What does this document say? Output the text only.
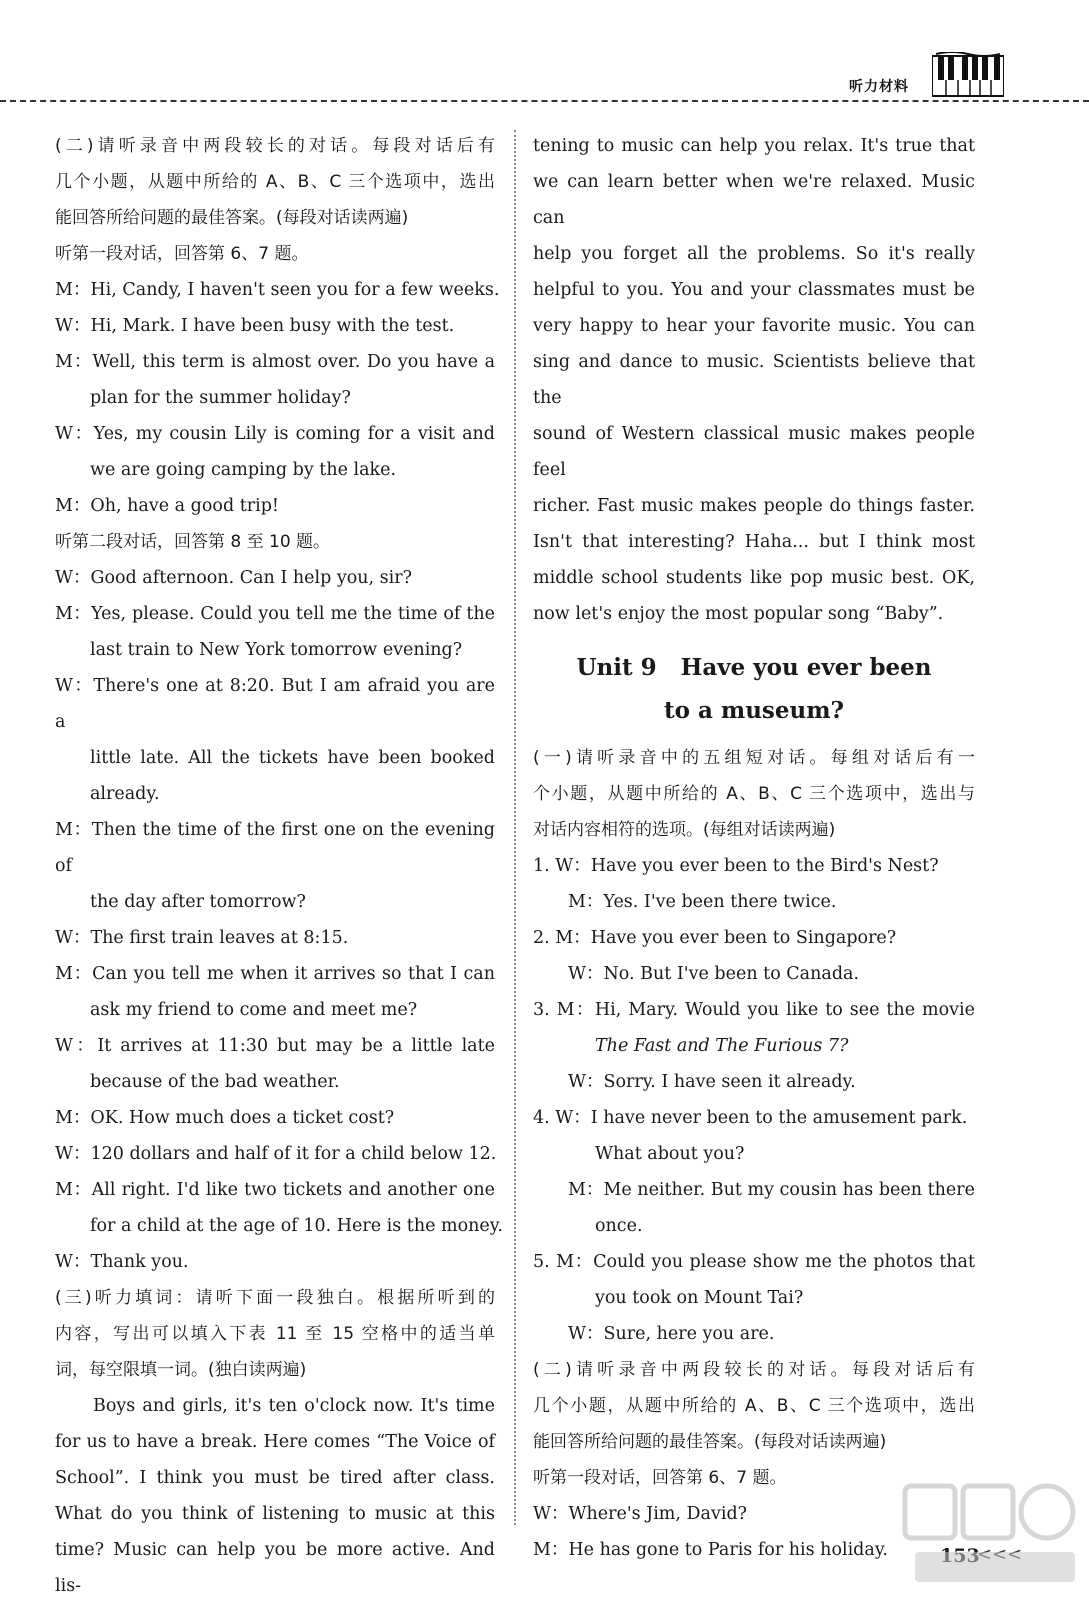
听力材料

(二)请听录音中两段较长的对话。每段对话后有

几个小题，从题中所给的 A、B、C 三个选项中，选出

能回答所给问题的最佳答案。(每段对话读两遍)

听第一段对话，回答第 6、7 题。

M：Hi, Candy, I haven't seen you for a few weeks.

W：Hi, Mark. I have been busy with the test.

M：Well, this term is almost over. Do you have a

plan for the summer holiday?

W：Yes, my cousin Lily is coming for a visit and

we are going camping by the lake.

M：Oh, have a good trip!

听第二段对话，回答第 8 至 10 题。

W：Good afternoon. Can I help you, sir?

M：Yes, please. Could you tell me the time of the

last train to New York tomorrow evening?

W：There's one at 8:20. But I am afraid you are a

little late. All the tickets have been booked

already.

M：Then the time of the first one on the evening of

the day after tomorrow?

W：The first train leaves at 8:15.

M：Can you tell me when it arrives so that I can

ask my friend to come and meet me?

W：It arrives at 11:30 but may be a little late

because of the bad weather.

M：OK. How much does a ticket cost?

W：120 dollars and half of it for a child below 12.

M：All right. I'd like two tickets and another one

for a child at the age of 10. Here is the money.

W：Thank you.

(三)听力填词：请听下面一段独白。根据所听到的

内容，写出可以填入下表 11 至 15 空格中的适当单

词，每空限填一词。(独白读两遍)

Boys and girls, it's ten o'clock now. It's time

for us to have a break. Here comes “The Voice of

School”. I think you must be tired after class.

What do you think of listening to music at this

time? Music can help you be more active. And lis-

tening to music can help you relax. It's true that

we can learn better when we're relaxed. Music can

help you forget all the problems. So it's really

helpful to you. You and your classmates must be

very happy to hear your favorite music. You can

sing and dance to music. Scientists believe that the

sound of Western classical music makes people feel

richer. Fast music makes people do things faster.

Isn't that interesting? Haha... but I think most

middle school students like pop music best. OK,

now let's enjoy the most popular song “Baby”.

Unit 9   Have you ever been
to a museum?

(一)请听录音中的五组短对话。每组对话后有一

个小题，从题中所给的 A、B、C 三个选项中，选出与

对话内容相符的选项。(每组对话读两遍)

1. W：Have you ever been to the Bird's Nest?

M：Yes. I've been there twice.

2. M：Have you ever been to Singapore?

W：No. But I've been to Canada.

3. M：Hi, Mary. Would you like to see the movie

The Fast and The Furious 7?

W：Sorry. I have seen it already.

4. W：I have never been to the amusement park.

What about you?

M：Me neither. But my cousin has been there

once.

5. M：Could you please show me the photos that

you took on Mount Tai?

W：Sure, here you are.

(二)请听录音中两段较长的对话。每段对话后有

几个小题，从题中所给的 A、B、C 三个选项中，选出

能回答所给问题的最佳答案。(每段对话读两遍)

听第一段对话，回答第 6、7 题。

W：Where's Jim, David?

M：He has gone to Paris for his holiday.
